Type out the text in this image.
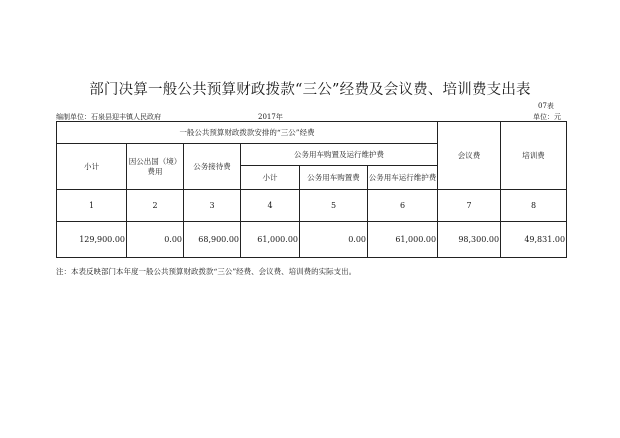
部门决算一般公共预算财政拨款“三公”经费及会议费、培训费支出表
07表
编制单位：石泉县迎丰镇人民政府	2017年	单位：元
一般公共预算财政拨款安排的“三公”经费						会议费	培训费
小计	因公出国（境）费用	公务接待费	公务用车购置及运行维护费				
			小计	公务用车购置费	公务用车运行维护费		
1	2	3	4	5	6	7	8
129,900.00	0.00	68,900.00	61,000.00	0.00	61,000.00	98,300.00	49,831.00
注：本表反映部门本年度一般公共预算财政拨款“三公”经费、会议费、培训费的实际支出。
